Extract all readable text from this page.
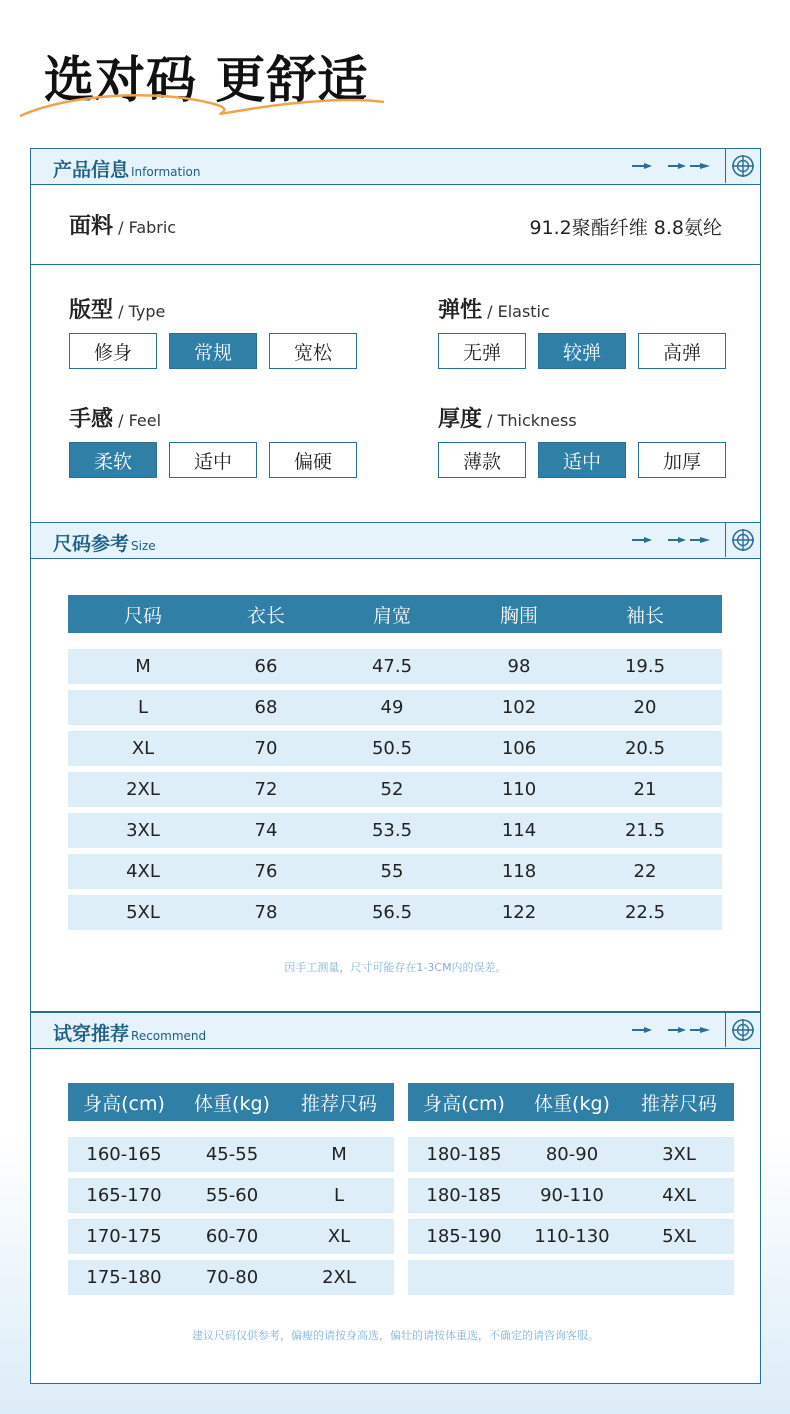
选对码 更舒适
产品信息 Information
面料 / Fabric	91.2聚酯纤维 8.8氨纶
版型 / Type
修身	常规	宽松
弹性 / Elastic
无弹	较弹	高弹
手感 / Feel
柔软	适中	偏硬
厚度 / Thickness
薄款	适中	加厚
尺码参考 Size
尺码	衣长	肩宽	胸围	袖长
M	66	47.5	98	19.5
L	68	49	102	20
XL	70	50.5	106	20.5
2XL	72	52	110	21
3XL	74	53.5	114	21.5
4XL	76	55	118	22
5XL	78	56.5	122	22.5
因手工测量，尺寸可能存在1-3CM内的误差。
试穿推荐 Recommend
身高(cm)	体重(kg)	推荐尺码
160-165	45-55	M
165-170	55-60	L
170-175	60-70	XL
175-180	70-80	2XL
身高(cm)	体重(kg)	推荐尺码
180-185	80-90	3XL
180-185	90-110	4XL
185-190	110-130	5XL
建议尺码仅供参考，偏瘦的请按身高选，偏壮的请按体重选，不确定的请咨询客服。
